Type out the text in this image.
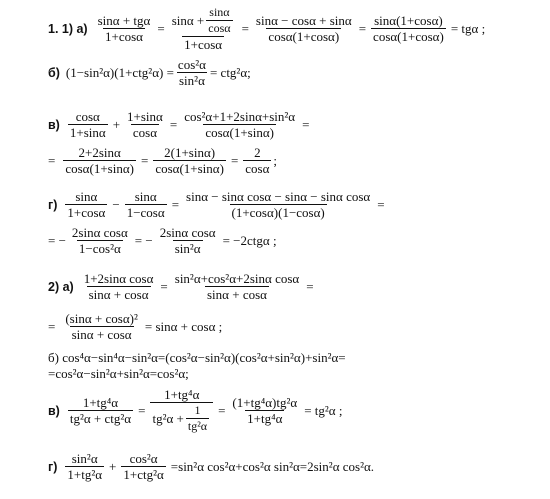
1. 1) $а) \frac{\text{sinα + tgα}}{1+\cos\alpha} = \frac{\sin\alpha + \frac{\sin\alpha}{\cos\alpha}}{1+\cos\alpha} = \frac{\sin\alpha - \cos\alpha + \sin\alpha}{\cos\alpha(1+\cos\alpha)} = \frac{\sin\alpha(1+\cos\alpha)}{\cos\alpha(1+\cos\alpha)} = tg\alpha$ ;
б) $(1-\sin^2\alpha)(1+ctg^2\alpha) = \frac{\text{cos²α}}{\text{sin²α}} = ctg^2\alpha$;
$в) \frac{\cos\alpha}{1+\sin\alpha} + \frac{1+\sin\alpha}{\cos\alpha} = \frac{\text{cos²α+1+2sinα+sin²α}}{\cos\alpha(1+\sin\alpha)}$ =
= $\frac{2+2\sin\alpha}{\cos\alpha(1+\sin\alpha)} = \frac{2(1+\sin\alpha)}{\cos\alpha(1+\sin\alpha)} = \frac{2}{\cos\alpha}$ ;
$г) \frac{\sin\alpha}{1+\cos\alpha} - \frac{\sin\alpha}{1-\cos\alpha} = \frac{\text{sinα − sinα cosα − sinα − sinα cosα}}{(1+\cos\alpha)(1-\cos\alpha)}$ =
= − $\frac{\text{2sinα cosα}}{\text{1−cos²α}}$ = − $\frac{\text{2sinα cosα}}{\text{sin²α}} = -2ctg\alpha$ ;
2) $а) \frac{\text{1+2sinα cosα}}{\sin\alpha + \cos\alpha} = \frac{\text{sin²α+cos²α+2sinα cosα}}{\sin\alpha + \cos\alpha}$ =
= $\frac{\text{(sinα + cosα)²}}{\sin\alpha + \cos\alpha} = \sin\alpha + \cos\alpha$ ;
б) cos⁴α−sin⁴α−sin²α=(cos²α−sin²α)(cos²α+sin²α)+sin²α=
=cos²α−sin²α+sin²α=cos²α;
$в) \frac{\text{1+tg⁴α}}{\text{tg²α + ctg²α}} = \frac{\text{1+tg⁴α}}{tg^2\alpha + \frac{1}{\text{tg²α}}} = \frac{\text{(1+tg⁴α)tg²α}}{\text{1+tg⁴α}} = tg^2\alpha$ ;
$г) \frac{\text{sin²α}}{\text{1+tg²α}} + \frac{\text{cos²α}}{\text{1+ctg²α}} =\sin^2\alpha$ cos²α+cos²α sin²α=2sin²α cos²α.
